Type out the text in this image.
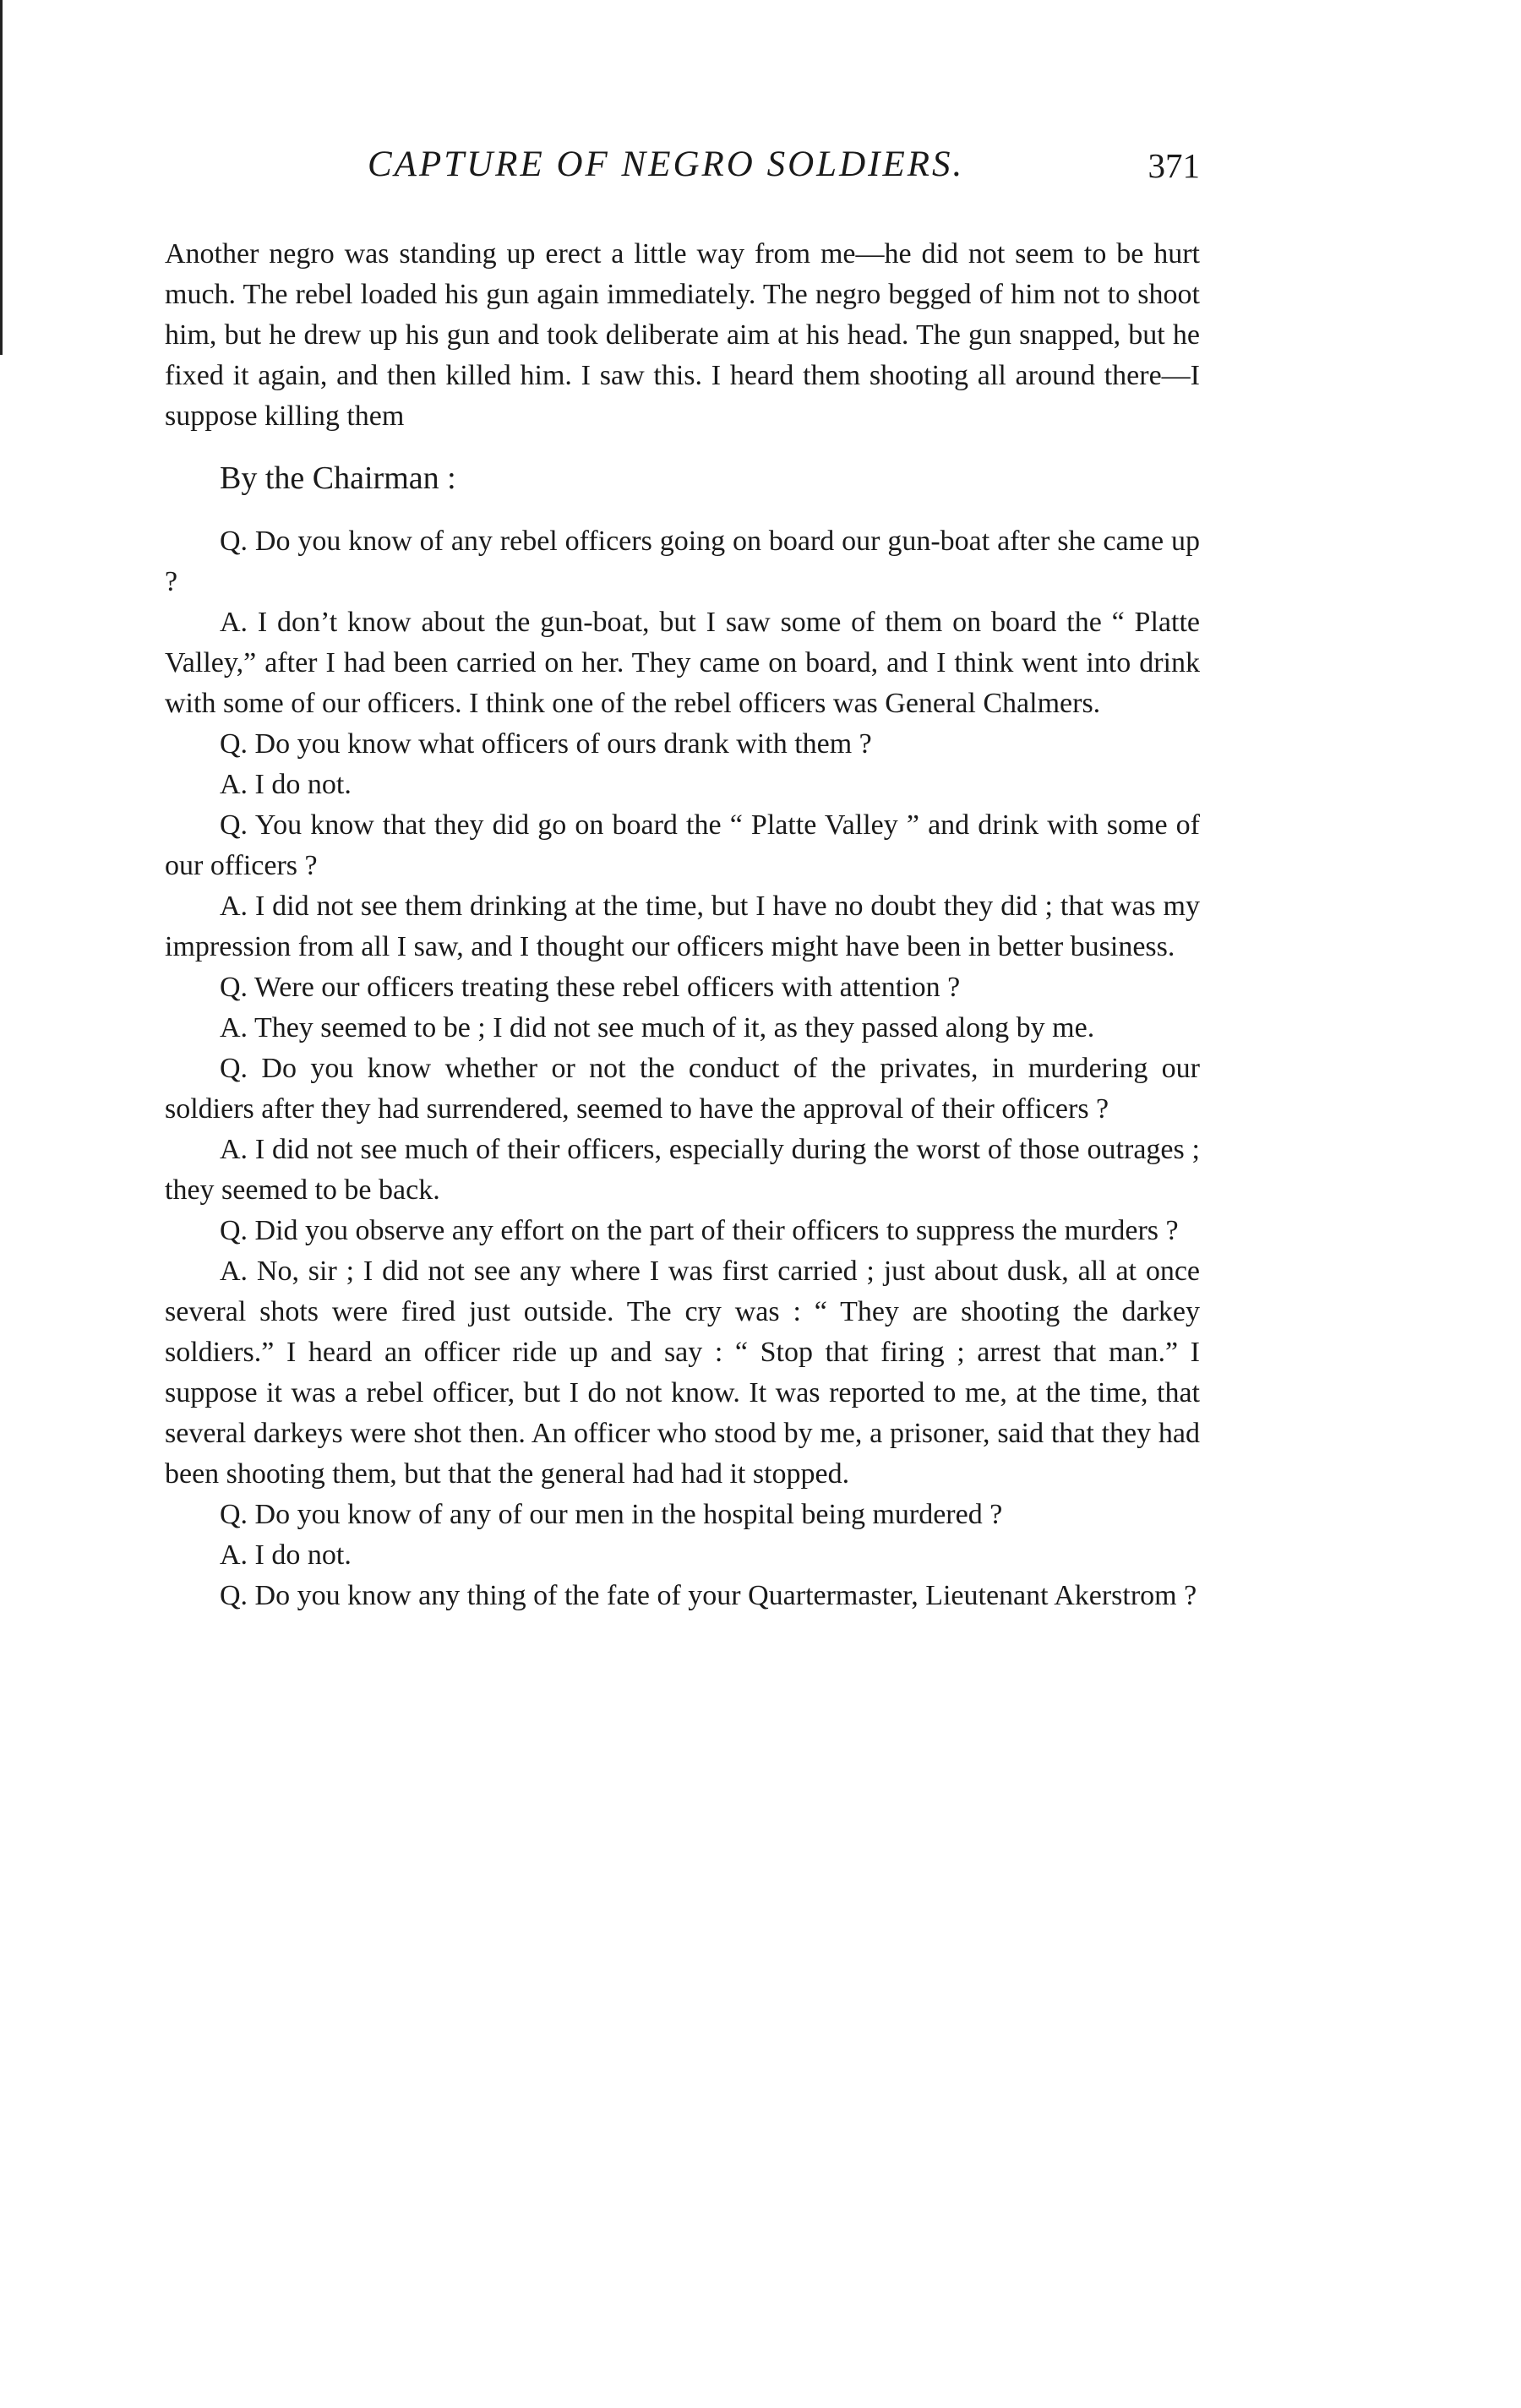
CAPTURE OF NEGRO SOLDIERS.	371

Another negro was standing up erect a little way from me—he did not seem to be hurt much. The rebel loaded his gun again immediately. The negro begged of him not to shoot him, but he drew up his gun and took deliberate aim at his head. The gun snapped, but he fixed it again, and then killed him. I saw this. I heard them shooting all around there—I suppose killing them

By the Chairman :

Q. Do you know of any rebel officers going on board our gun-boat after she came up ?

A. I don’t know about the gun-boat, but I saw some of them on board the “ Platte Valley,” after I had been carried on her. They came on board, and I think went into drink with some of our officers. I think one of the rebel officers was General Chalmers.

Q. Do you know what officers of ours drank with them ?

A. I do not.

Q. You know that they did go on board the “ Platte Valley ” and drink with some of our officers ?

A. I did not see them drinking at the time, but I have no doubt they did ; that was my impression from all I saw, and I thought our officers might have been in better business.

Q. Were our officers treating these rebel officers with attention ?

A. They seemed to be ; I did not see much of it, as they passed along by me.

Q. Do you know whether or not the conduct of the privates, in murdering our soldiers after they had surrendered, seemed to have the approval of their officers ?

A. I did not see much of their officers, especially during the worst of those outrages ; they seemed to be back.

Q. Did you observe any effort on the part of their officers to suppress the murders ?

A. No, sir ; I did not see any where I was first carried ; just about dusk, all at once several shots were fired just outside. The cry was : “ They are shooting the darkey soldiers.” I heard an officer ride up and say : “ Stop that firing ; arrest that man.” I suppose it was a rebel officer, but I do not know. It was reported to me, at the time, that several darkeys were shot then. An officer who stood by me, a prisoner, said that they had been shooting them, but that the general had had it stopped.

Q. Do you know of any of our men in the hospital being murdered ?

A. I do not.

Q. Do you know any thing of the fate of your Quartermaster, Lieutenant Akerstrom ?
